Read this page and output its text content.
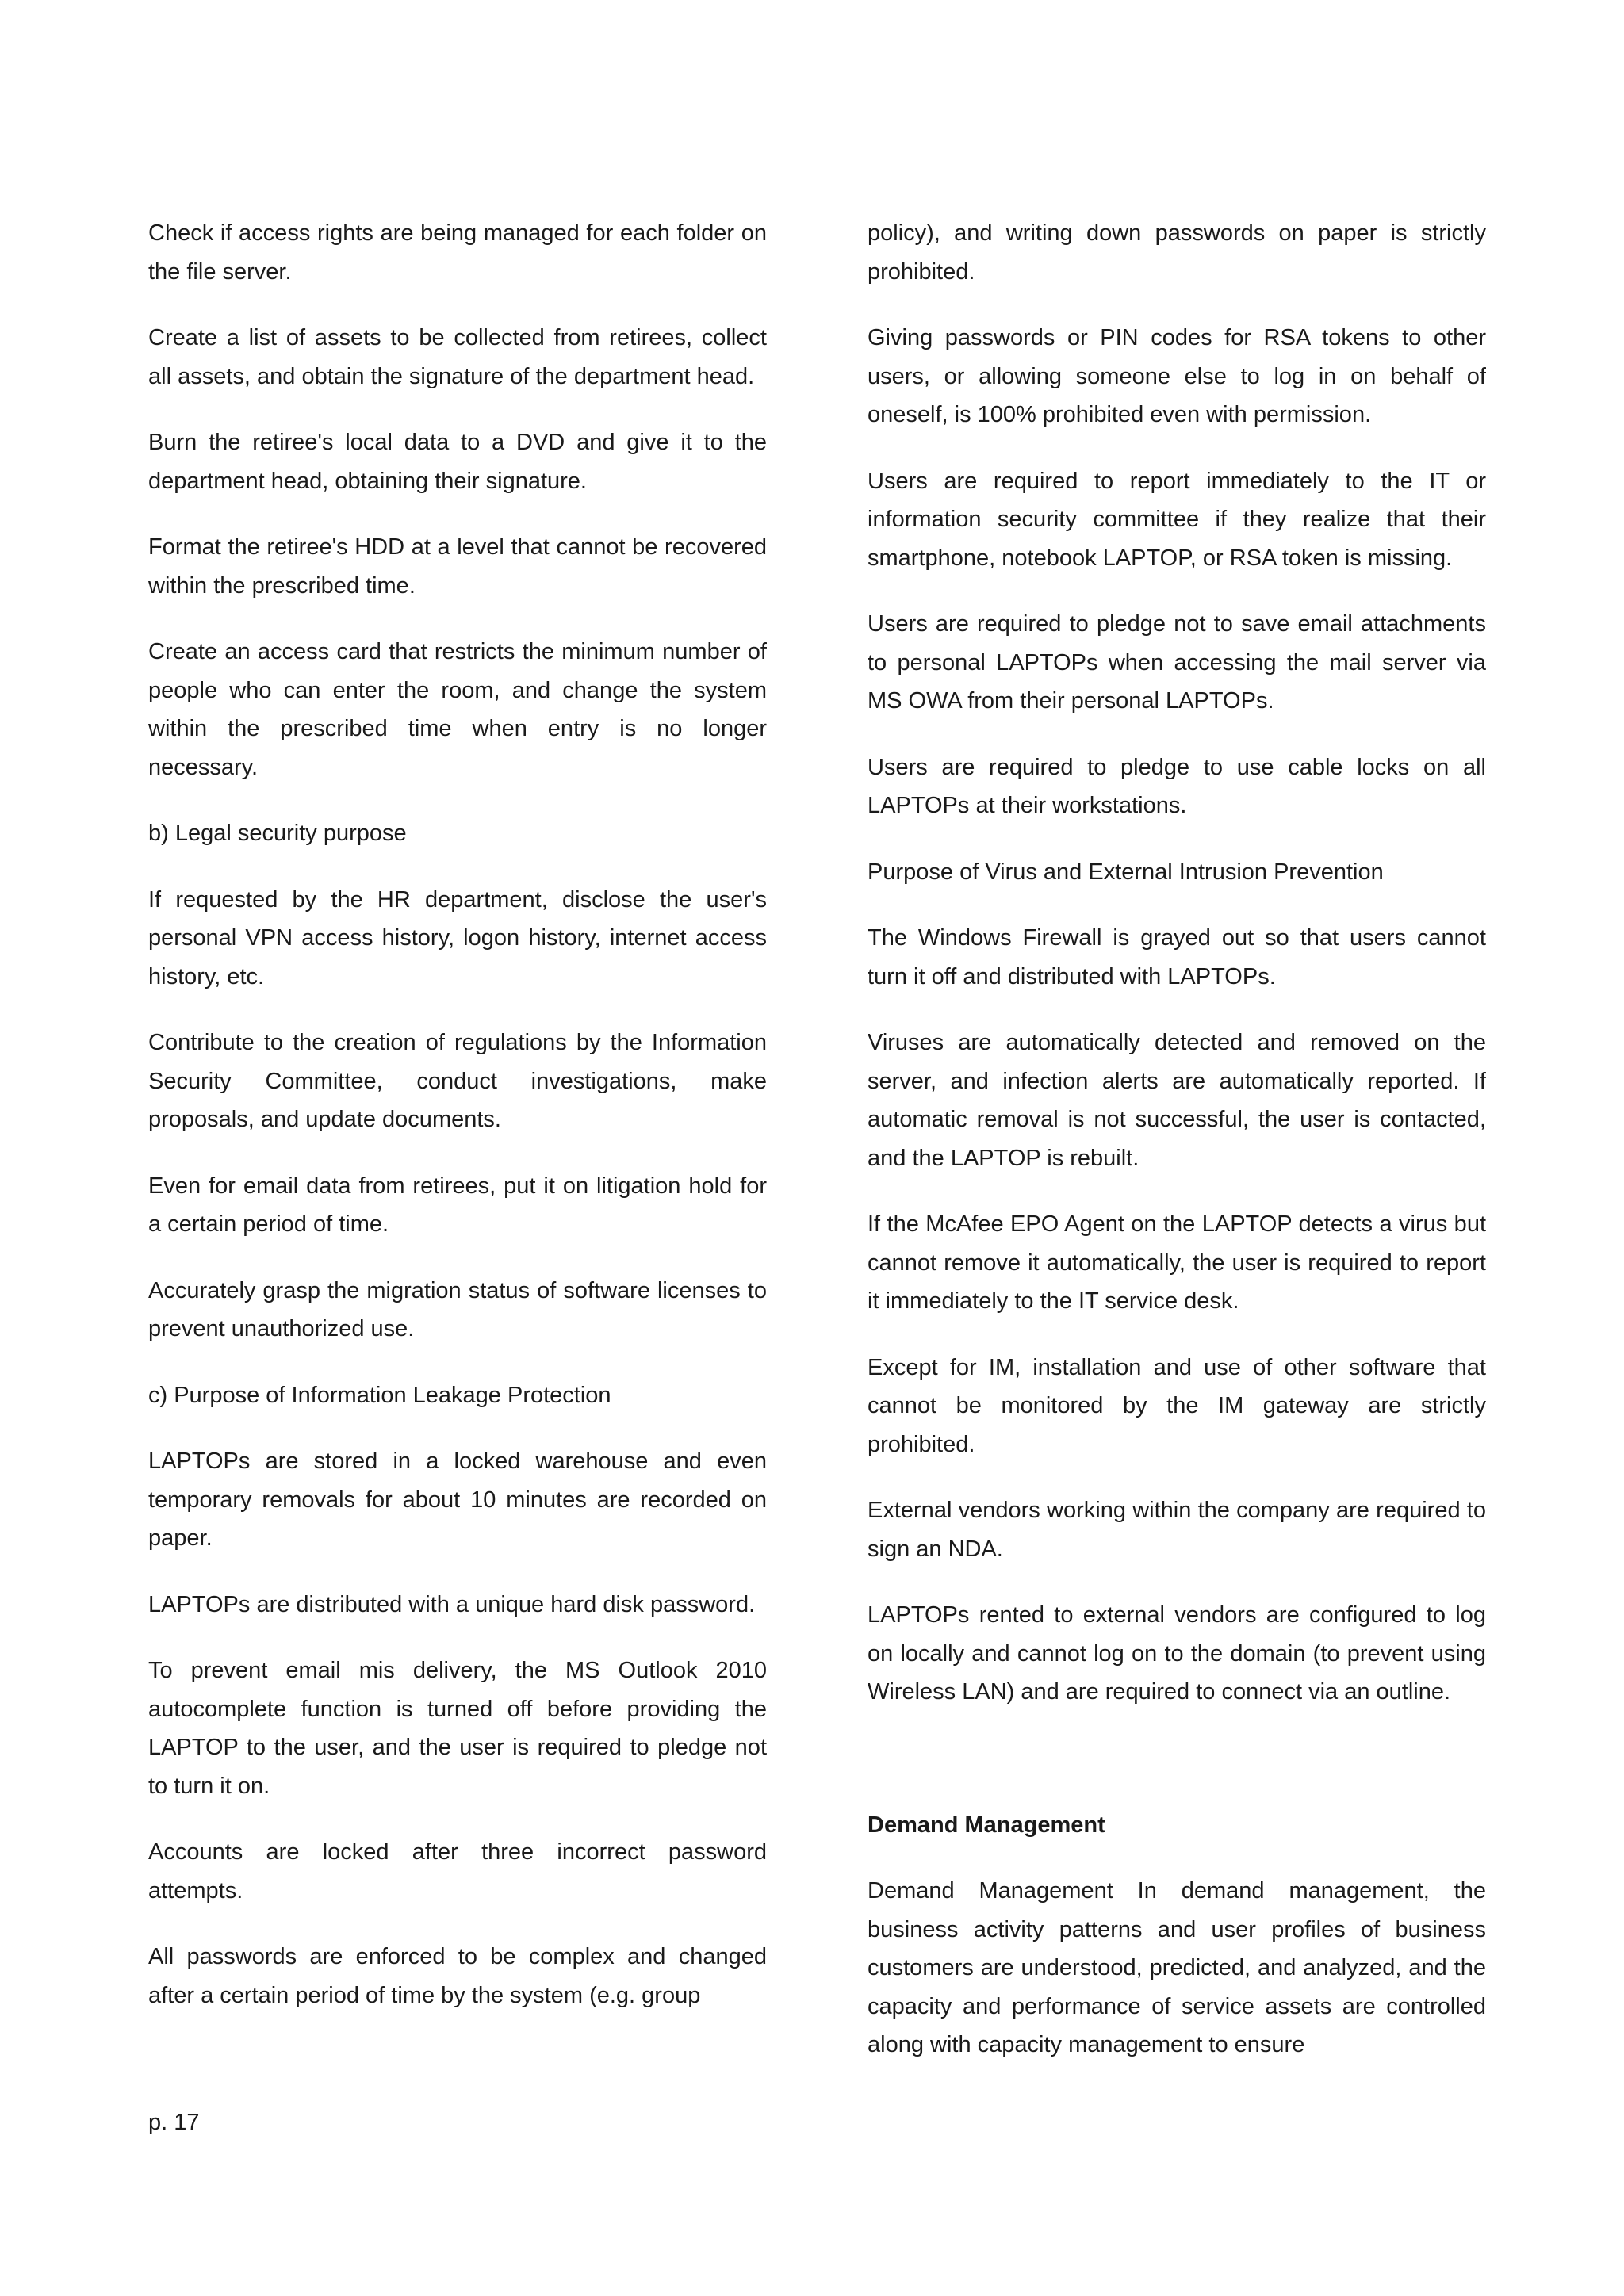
Check if access rights are being managed for each folder on the file server.

Create a list of assets to be collected from retirees, collect all assets, and obtain the signature of the department head.

Burn the retiree's local data to a DVD and give it to the department head, obtaining their signature.

Format the retiree's HDD at a level that cannot be recovered within the prescribed time.

Create an access card that restricts the minimum number of people who can enter the room, and change the system within the prescribed time when entry is no longer necessary.

b) Legal security purpose

If requested by the HR department, disclose the user's personal VPN access history, logon history, internet access history, etc.

Contribute to the creation of regulations by the Information Security Committee, conduct investigations, make proposals, and update documents.

Even for email data from retirees, put it on litigation hold for a certain period of time.

Accurately grasp the migration status of software licenses to prevent unauthorized use.

c) Purpose of Information Leakage Protection

LAPTOPs are stored in a locked warehouse and even temporary removals for about 10 minutes are recorded on paper.

LAPTOPs are distributed with a unique hard disk password.

To prevent email mis delivery, the MS Outlook 2010 autocomplete function is turned off before providing the LAPTOP to the user, and the user is required to pledge not to turn it on.

Accounts are locked after three incorrect password attempts.

All passwords are enforced to be complex and changed after a certain period of time by the system (e.g. group

policy), and writing down passwords on paper is strictly prohibited.

Giving passwords or PIN codes for RSA tokens to other users, or allowing someone else to log in on behalf of oneself, is 100% prohibited even with permission.

Users are required to report immediately to the IT or information security committee if they realize that their smartphone, notebook LAPTOP, or RSA token is missing.

Users are required to pledge not to save email attachments to personal LAPTOPs when accessing the mail server via MS OWA from their personal LAPTOPs.

Users are required to pledge to use cable locks on all LAPTOPs at their workstations.

Purpose of Virus and External Intrusion Prevention

The Windows Firewall is grayed out so that users cannot turn it off and distributed with LAPTOPs.

Viruses are automatically detected and removed on the server, and infection alerts are automatically reported. If automatic removal is not successful, the user is contacted, and the LAPTOP is rebuilt.

If the McAfee EPO Agent on the LAPTOP detects a virus but cannot remove it automatically, the user is required to report it immediately to the IT service desk.

Except for IM, installation and use of other software that cannot be monitored by the IM gateway are strictly prohibited.

External vendors working within the company are required to sign an NDA.

LAPTOPs rented to external vendors are configured to log on locally and cannot log on to the domain (to prevent using Wireless LAN) and are required to connect via an outline.

Demand Management

Demand Management In demand management, the business activity patterns and user profiles of business customers are understood, predicted, and analyzed, and the capacity and performance of service assets are controlled along with capacity management to ensure

p. 17
